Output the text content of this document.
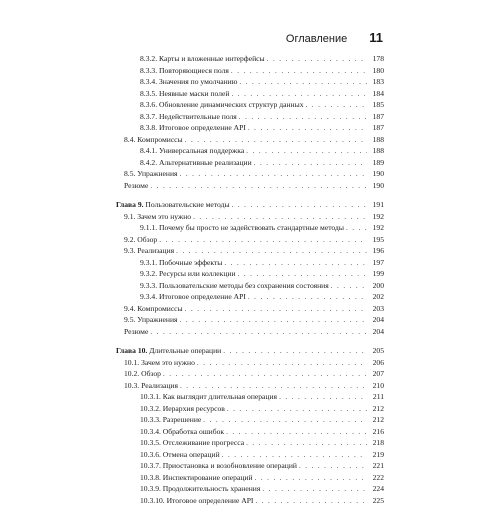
Оглавление 11
8.3.2. Карты и вложенные интерфейсы . . .	178
8.3.3. Повторяющиеся поля . . .	180
8.3.4. Значения по умолчанию . . .	183
8.3.5. Неявные маски полей . . .	184
8.3.6. Обновление динамических структур данных . . .	185
8.3.7. Недействительные поля . . .	187
8.3.8. Итоговое определение API . . .	187
8.4. Компромиссы . . .	188
8.4.1. Универсальная поддержка . . .	188
8.4.2. Альтернативные реализации . . .	189
8.5. Упражнения . . .	190
Резюме . . .	190
Глава 9. Пользовательские методы . . .	191
9.1. Зачем это нужно . . .	192
9.1.1. Почему бы просто не задействовать стандартные методы . . .	192
9.2. Обзор . . .	195
9.3. Реализация . . .	196
9.3.1. Побочные эффекты . . .	197
9.3.2. Ресурсы или коллекции . . .	199
9.3.3. Пользовательские методы без сохранения состояния . . .	200
9.3.4. Итоговое определение API . . .	202
9.4. Компромиссы . . .	203
9.5. Упражнения . . .	204
Резюме . . .	204
Глава 10. Длительные операции . . .	205
10.1. Зачем это нужно . . .	206
10.2. Обзор . . .	207
10.3. Реализация . . .	210
10.3.1. Как выглядит длительная операция . . .	211
10.3.2. Иерархия ресурсов . . .	212
10.3.3. Разрешение . . .	212
10.3.4. Обработка ошибок . . .	216
10.3.5. Отслеживание прогресса . . .	218
10.3.6. Отмена операций . . .	219
10.3.7. Приостановка и возобновление операций . . .	221
10.3.8. Инспектирование операций . . .	222
10.3.9. Продолжительность хранения . . .	224
10.3.10. Итоговое определение API . . .	225
